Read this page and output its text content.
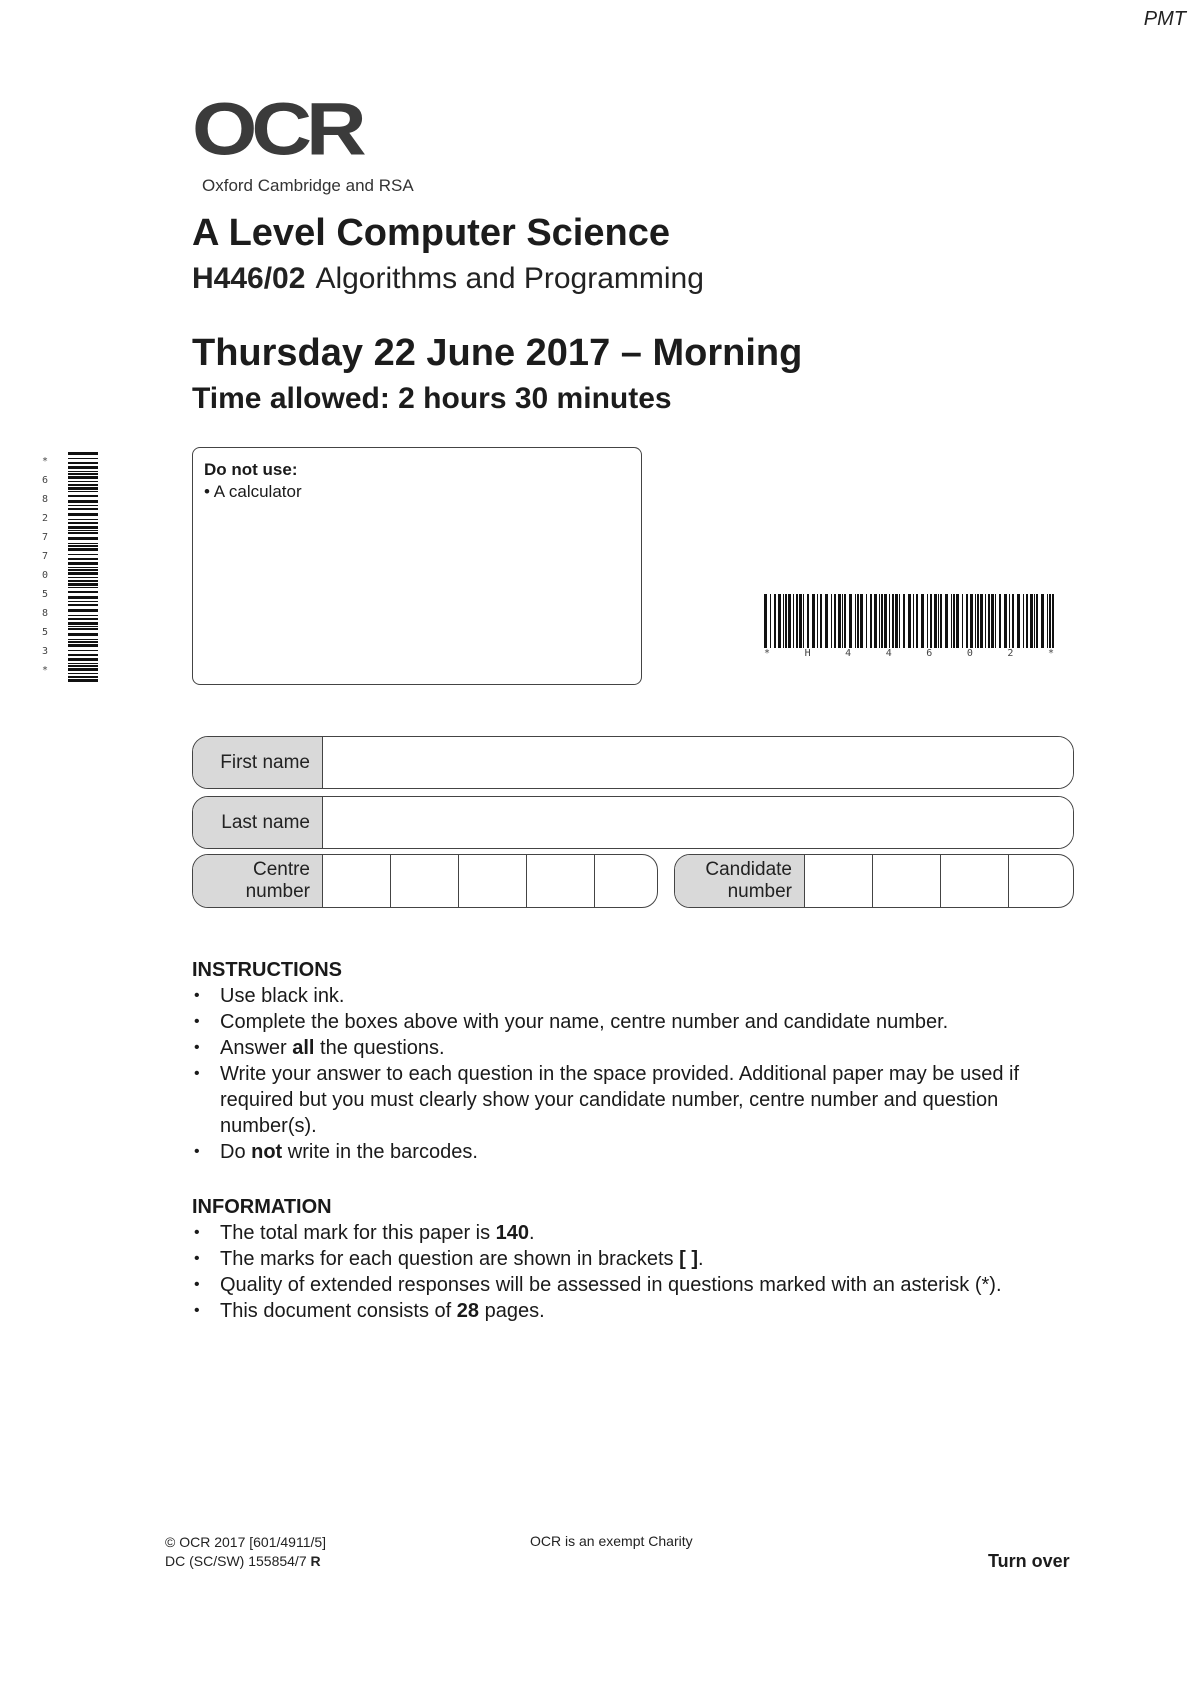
PMT
OCR
Oxford Cambridge and RSA
A Level Computer Science
H446/02 Algorithms and Programming
Thursday 22 June 2017 – Morning
Time allowed: 2 hours 30 minutes
Do not use:
• A calculator
*
6
8
2
7
7
0
5
8
5
3
*
*	H	4	4	6	0	2	*
First name
Last name
Centre
number
Candidate
number
INSTRUCTIONS
• Use black ink.
• Complete the boxes above with your name, centre number and candidate number.
• Answer all the questions.
• Write your answer to each question in the space provided. Additional paper may be used if required but you must clearly show your candidate number, centre number and question number(s).
• Do not write in the barcodes.
INFORMATION
• The total mark for this paper is 140.
• The marks for each question are shown in brackets [ ].
• Quality of extended responses will be assessed in questions marked with an asterisk (*).
• This document consists of 28 pages.
© OCR 2017 [601/4911/5]
DC (SC/SW) 155854/7 R
OCR is an exempt Charity
Turn over
